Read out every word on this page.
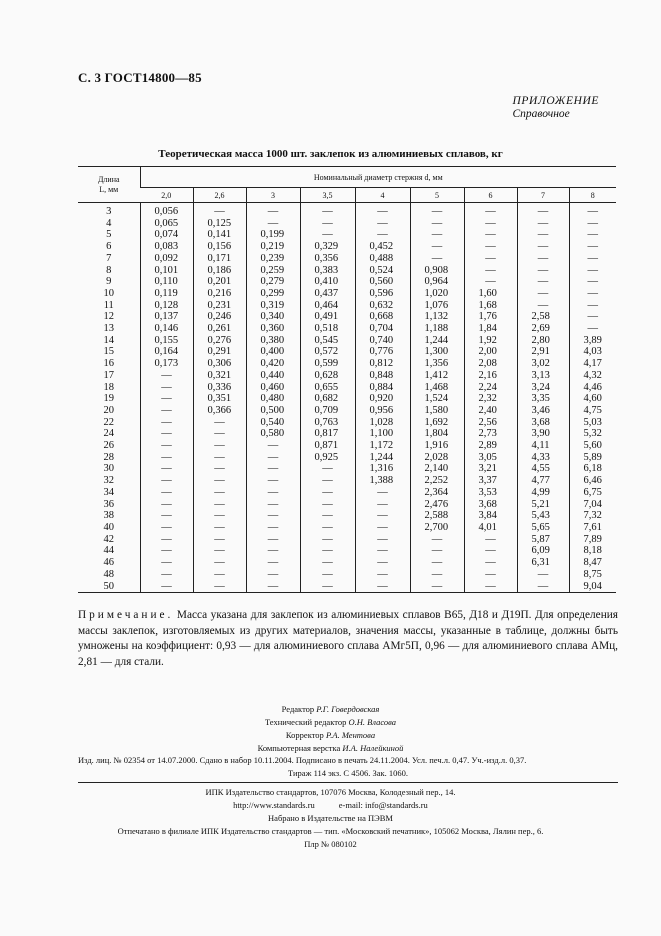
С. 3 ГОСТ14800—85
ПРИЛОЖЕНИЕ
Справочное
Теоретическая масса 1000 шт. заклепок из алюминиевых сплавов, кг
Длина
L, мм	Номинальный диаметр стержня d, мм								
	2,0	2,6	3	3,5	4	5	6	7	8
3	0,056	—	—	—	—	—	—	—	—
4	0,065	0,125	—	—	—	—	—	—	—
5	0,074	0,141	0,199	—	—	—	—	—	—
6	0,083	0,156	0,219	0,329	0,452	—	—	—	—
7	0,092	0,171	0,239	0,356	0,488	—	—	—	—
8	0,101	0,186	0,259	0,383	0,524	0,908	—	—	—
9	0,110	0,201	0,279	0,410	0,560	0,964	—	—	—
10	0,119	0,216	0,299	0,437	0,596	1,020	1,60	—	—
11	0,128	0,231	0,319	0,464	0,632	1,076	1,68	—	—
12	0,137	0,246	0,340	0,491	0,668	1,132	1,76	2,58	—
13	0,146	0,261	0,360	0,518	0,704	1,188	1,84	2,69	—
14	0,155	0,276	0,380	0,545	0,740	1,244	1,92	2,80	3,89
15	0,164	0,291	0,400	0,572	0,776	1,300	2,00	2,91	4,03
16	0,173	0,306	0,420	0,599	0,812	1,356	2,08	3,02	4,17
17	—	0,321	0,440	0,628	0,848	1,412	2,16	3,13	4,32
18	—	0,336	0,460	0,655	0,884	1,468	2,24	3,24	4,46
19	—	0,351	0,480	0,682	0,920	1,524	2,32	3,35	4,60
20	—	0,366	0,500	0,709	0,956	1,580	2,40	3,46	4,75
22	—	—	0,540	0,763	1,028	1,692	2,56	3,68	5,03
24	—	—	0,580	0,817	1,100	1,804	2,73	3,90	5,32
26	—	—	—	0,871	1,172	1,916	2,89	4,11	5,60
28	—	—	—	0,925	1,244	2,028	3,05	4,33	5,89
30	—	—	—	—	1,316	2,140	3,21	4,55	6,18
32	—	—	—	—	1,388	2,252	3,37	4,77	6,46
34	—	—	—	—	—	2,364	3,53	4,99	6,75
36	—	—	—	—	—	2,476	3,68	5,21	7,04
38	—	—	—	—	—	2,588	3,84	5,43	7,32
40	—	—	—	—	—	2,700	4,01	5,65	7,61
42	—	—	—	—	—	—	—	5,87	7,89
44	—	—	—	—	—	—	—	6,09	8,18
46	—	—	—	—	—	—	—	6,31	8,47
48	—	—	—	—	—	—	—	—	8,75
50	—	—	—	—	—	—	—	—	9,04
Примечание. Масса указана для заклепок из алюминиевых сплавов В65, Д18 и Д19П. Для определения массы заклепок, изготовляемых из других материалов, значения массы, указанные в таблице, должны быть умножены на коэффициент: 0,93 — для алюминиевого сплава АМг5П, 0,96 — для алюминиевого сплава АМц, 2,81 — для стали.
Редактор Р.Г. Говердовская
Технический редактор О.Н. Власова
Корректор Р.А. Ментова
Компьютерная верстка И.А. Налейкиной
Изд. лиц. № 02354 от 14.07.2000. Сдано в набор 10.11.2004. Подписано в печать 24.11.2004. Усл. печ.л. 0,47. Уч.-изд.л. 0,37.
Тираж 114 экз. С 4506. Зак. 1060.
ИПК Издательство стандартов, 107076 Москва, Колодезный пер., 14.
http://www.standards.ru	e-mail: info@standards.ru
Набрано в Издательстве на ПЭВМ
Отпечатано в филиале ИПК Издательство стандартов — тип. «Московский печатник», 105062 Москва, Лялин пер., 6.
Плр № 080102
